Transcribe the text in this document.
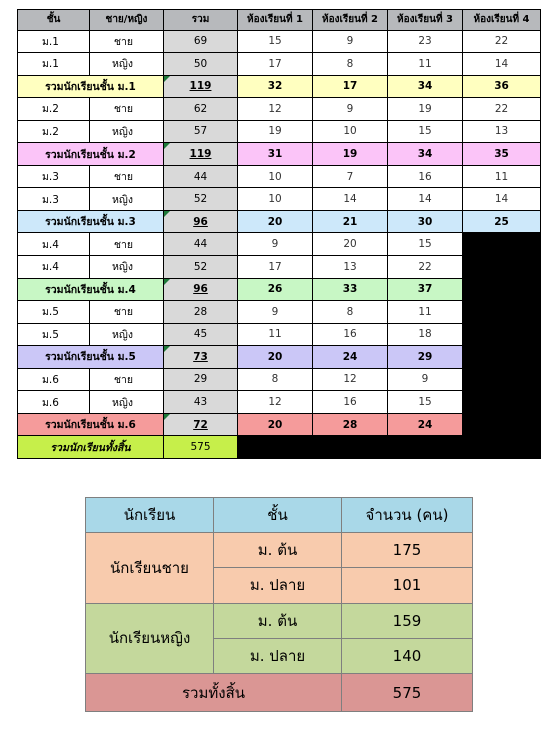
ชั้น	ชาย/หญิง	รวม	ห้องเรียนที่ 1	ห้องเรียนที่ 2	ห้องเรียนที่ 3	ห้องเรียนที่ 4
ม.1	ชาย	69	15	9	23	22
ม.1	หญิง	50	17	8	11	14
รวมนักเรียนชั้น ม.1		119	32	17	34	36
ม.2	ชาย	62	12	9	19	22
ม.2	หญิง	57	19	10	15	13
รวมนักเรียนชั้น ม.2		119	31	19	34	35
ม.3	ชาย	44	10	7	16	11
ม.3	หญิง	52	10	14	14	14
รวมนักเรียนชั้น ม.3		96	20	21	30	25
ม.4	ชาย	44	9	20	15	
ม.4	หญิง	52	17	13	22	
รวมนักเรียนชั้น ม.4		96	26	33	37	
ม.5	ชาย	28	9	8	11	
ม.5	หญิง	45	11	16	18	
รวมนักเรียนชั้น ม.5		73	20	24	29	
ม.6	ชาย	29	8	12	9	
ม.6	หญิง	43	12	16	15	
รวมนักเรียนชั้น ม.6		72	20	28	24	
รวมนักเรียนทั้งสิ้น		575				
นักเรียน	ชั้น	จำนวน (คน)
นักเรียนชาย	ม. ต้น	175
	ม. ปลาย	101
นักเรียนหญิง	ม. ต้น	159
	ม. ปลาย	140
รวมทั้งสิ้น		575
